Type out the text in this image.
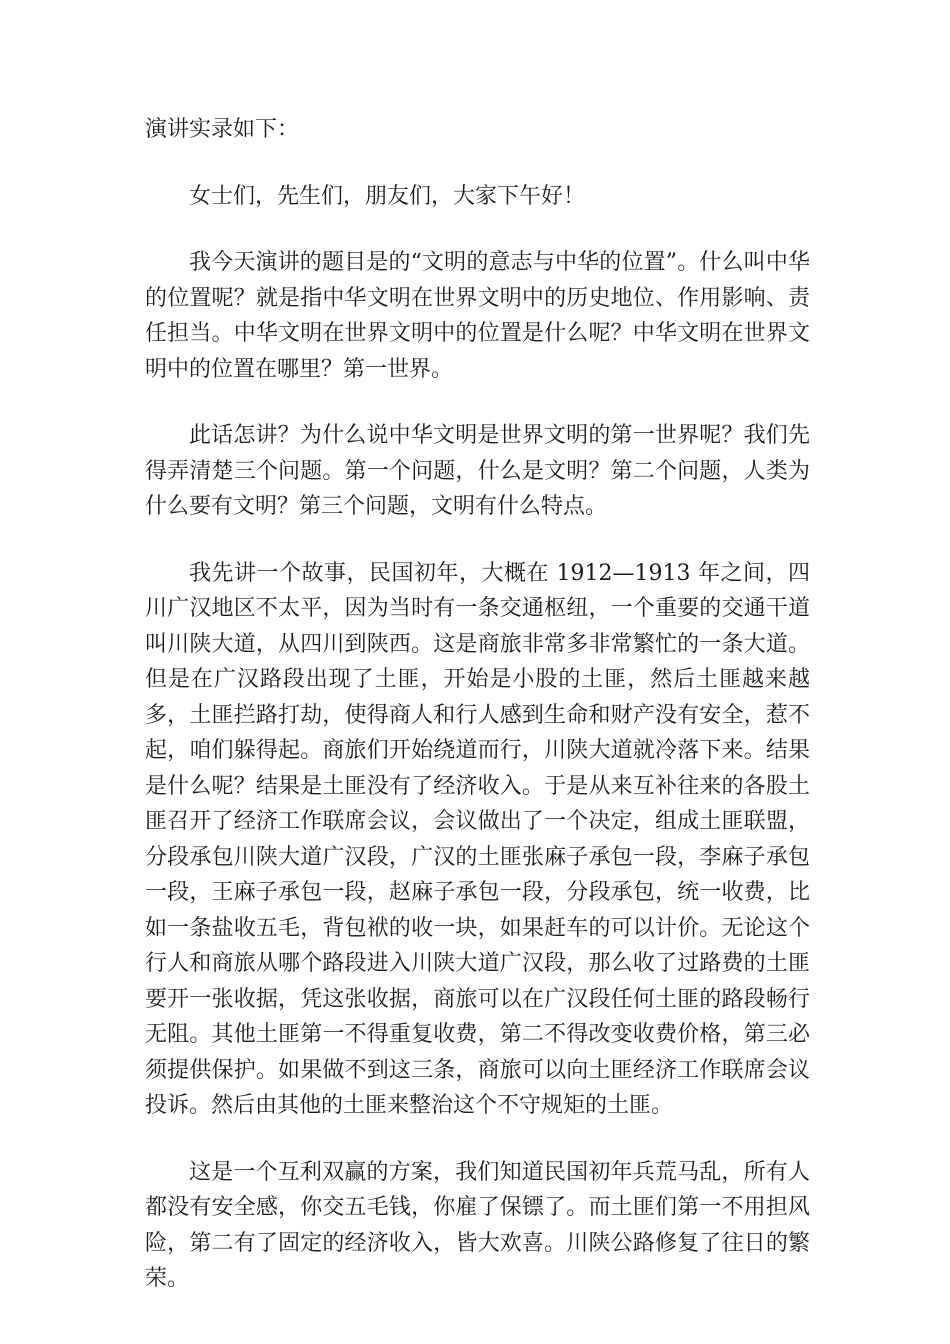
演讲实录如下：

女士们，先生们，朋友们，大家下午好！

我今天演讲的题目是的“文明的意志与中华的位置”。什么叫中华的位置呢？就是指中华文明在世界文明中的历史地位、作用影响、责任担当。中华文明在世界文明中的位置是什么呢？中华文明在世界文明中的位置在哪里？第一世界。

此话怎讲？为什么说中华文明是世界文明的第一世界呢？我们先得弄清楚三个问题。第一个问题，什么是文明？第二个问题，人类为什么要有文明？第三个问题，文明有什么特点。

我先讲一个故事，民国初年，大概在 1912—1913 年之间，四川广汉地区不太平，因为当时有一条交通枢纽，一个重要的交通干道叫川陕大道，从四川到陕西。这是商旅非常多非常繁忙的一条大道。但是在广汉路段出现了土匪，开始是小股的土匪，然后土匪越来越多，土匪拦路打劫，使得商人和行人感到生命和财产没有安全，惹不起，咱们躲得起。商旅们开始绕道而行，川陕大道就冷落下来。结果是什么呢？结果是土匪没有了经济收入。于是从来互补往来的各股土匪召开了经济工作联席会议，会议做出了一个决定，组成土匪联盟，分段承包川陕大道广汉段，广汉的土匪张麻子承包一段，李麻子承包一段，王麻子承包一段，赵麻子承包一段，分段承包，统一收费，比如一条盐收五毛，背包袱的收一块，如果赶车的可以计价。无论这个行人和商旅从哪个路段进入川陕大道广汉段，那么收了过路费的土匪要开一张收据，凭这张收据，商旅可以在广汉段任何土匪的路段畅行无阻。其他土匪第一不得重复收费，第二不得改变收费价格，第三必须提供保护。如果做不到这三条，商旅可以向土匪经济工作联席会议投诉。然后由其他的土匪来整治这个不守规矩的土匪。

这是一个互利双赢的方案，我们知道民国初年兵荒马乱，所有人都没有安全感，你交五毛钱，你雇了保镖了。而土匪们第一不用担风险，第二有了固定的经济收入，皆大欢喜。川陕公路修复了往日的繁荣。
